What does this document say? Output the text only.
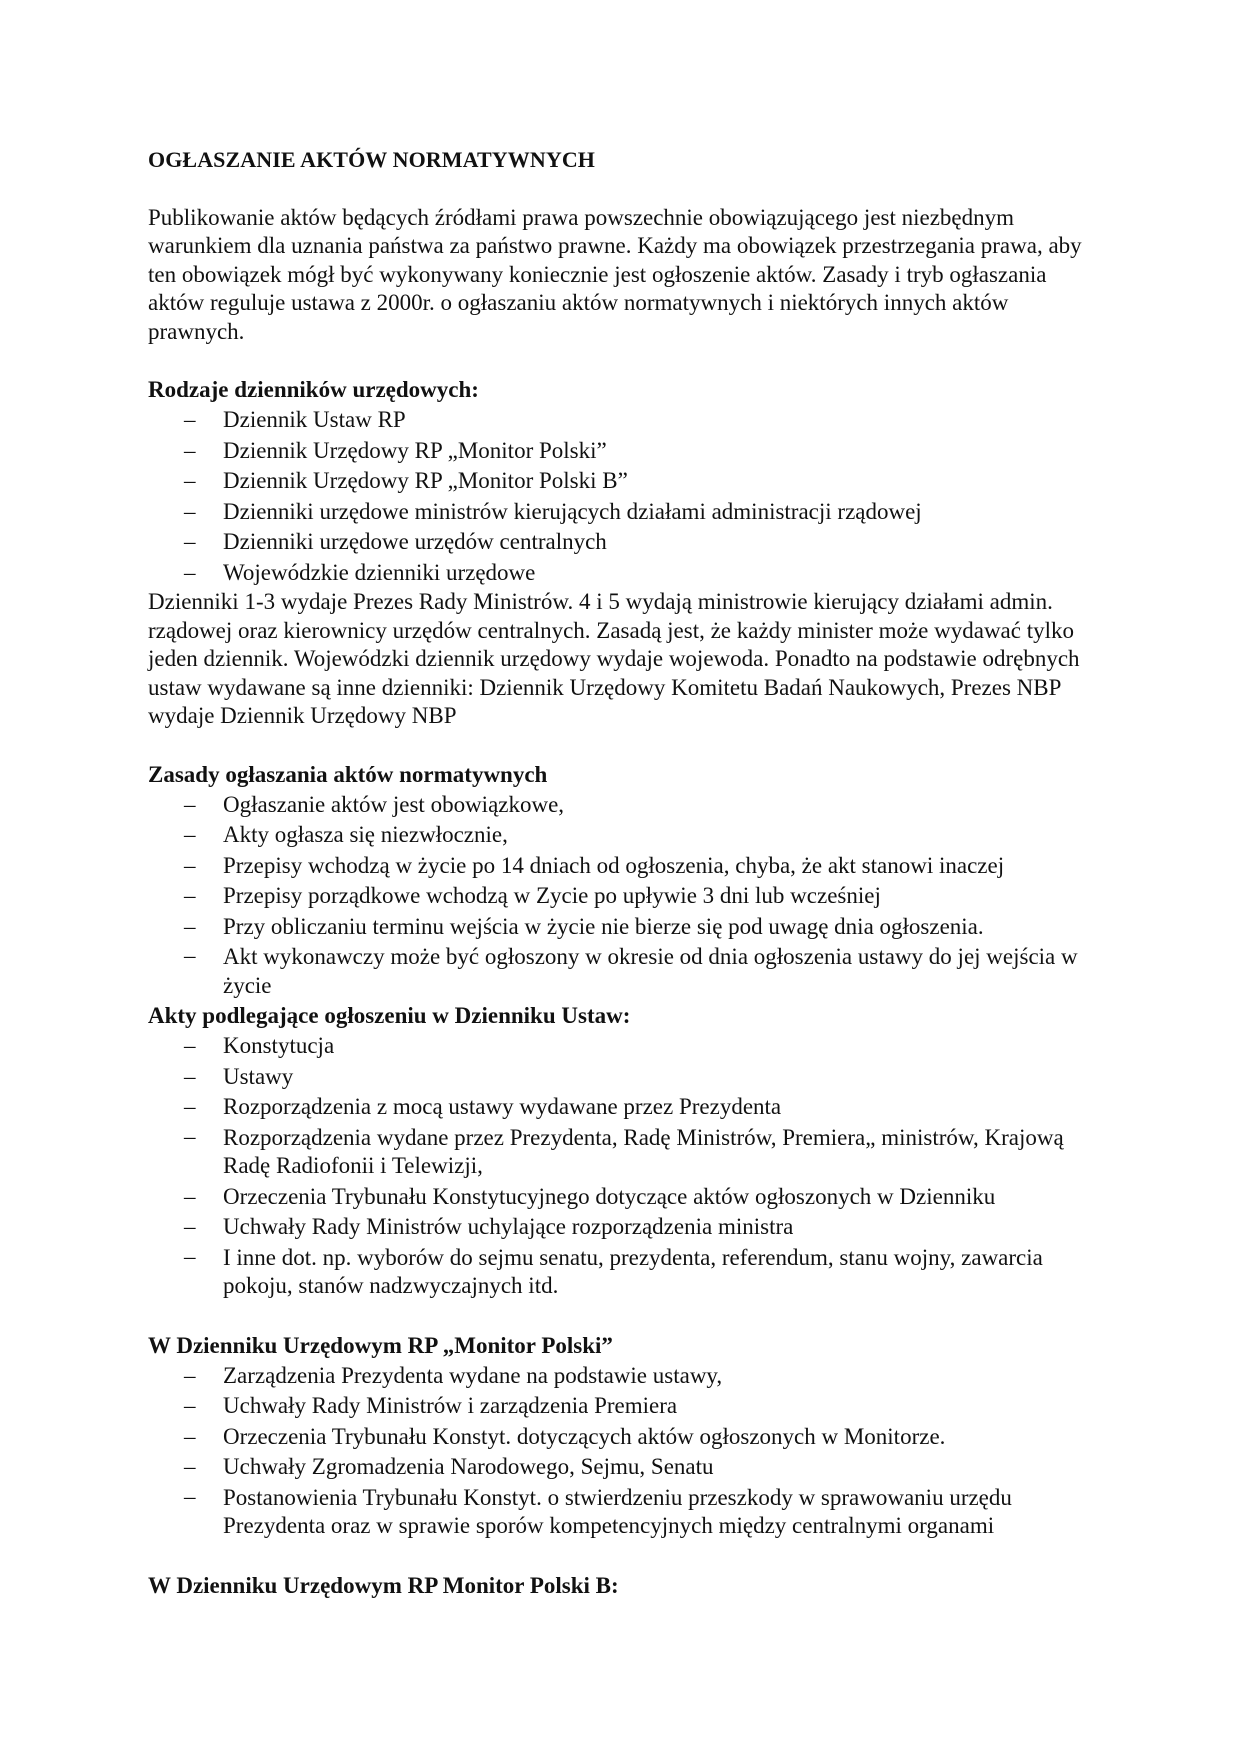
OGŁASZANIE AKTÓW NORMATYWNYCH

Publikowanie aktów będących źródłami prawa powszechnie obowiązującego jest niezbędnym warunkiem dla uznania państwa za państwo prawne. Każdy ma obowiązek przestrzegania prawa, aby ten obowiązek mógł być wykonywany koniecznie jest ogłoszenie aktów. Zasady i tryb ogłaszania aktów reguluje ustawa z 2000r. o ogłaszaniu aktów normatywnych i niektórych innych aktów prawnych.

Rodzaje dzienników urzędowych:
– Dziennik Ustaw RP
– Dziennik Urzędowy RP „Monitor Polski”
– Dziennik Urzędowy RP „Monitor Polski B”
– Dzienniki urzędowe ministrów kierujących działami administracji rządowej
– Dzienniki urzędowe urzędów centralnych
– Wojewódzkie dzienniki urzędowe

Dzienniki 1-3 wydaje Prezes Rady Ministrów. 4 i 5 wydają ministrowie kierujący działami admin. rządowej oraz kierownicy urzędów centralnych. Zasadą jest, że każdy minister może wydawać tylko jeden dziennik. Wojewódzki dziennik urzędowy wydaje wojewoda. Ponadto na podstawie odrębnych ustaw wydawane są inne dzienniki: Dziennik Urzędowy Komitetu Badań Naukowych, Prezes NBP wydaje Dziennik Urzędowy NBP

Zasady ogłaszania aktów normatywnych
– Ogłaszanie aktów jest obowiązkowe,
– Akty ogłasza się niezwłocznie,
– Przepisy wchodzą w życie po 14 dniach od ogłoszenia, chyba, że akt stanowi inaczej
– Przepisy porządkowe wchodzą w Zycie po upływie 3 dni lub wcześniej
– Przy obliczaniu terminu wejścia w życie nie bierze się pod uwagę dnia ogłoszenia.
– Akt wykonawczy może być ogłoszony w okresie od dnia ogłoszenia ustawy do jej wejścia w życie
Akty podlegające ogłoszeniu w Dzienniku Ustaw:
– Konstytucja
– Ustawy
– Rozporządzenia z mocą ustawy wydawane przez Prezydenta
– Rozporządzenia wydane przez Prezydenta, Radę Ministrów, Premiera„ ministrów, Krajową Radę Radiofonii i Telewizji,
– Orzeczenia Trybunału Konstytucyjnego dotyczące aktów ogłoszonych w Dzienniku
– Uchwały Rady Ministrów uchylające rozporządzenia ministra
– I inne dot. np. wyborów do sejmu senatu, prezydenta, referendum, stanu wojny, zawarcia pokoju, stanów nadzwyczajnych itd.
W Dzienniku Urzędowym RP „Monitor Polski”
– Zarządzenia Prezydenta wydane na podstawie ustawy,
– Uchwały Rady Ministrów i zarządzenia Premiera
– Orzeczenia Trybunału Konstyt. dotyczących aktów ogłoszonych w Monitorze.
– Uchwały Zgromadzenia Narodowego, Sejmu, Senatu
– Postanowienia Trybunału Konstyt. o stwierdzeniu przeszkody w sprawowaniu urzędu Prezydenta oraz w sprawie sporów kompetencyjnych między centralnymi organami
W Dzienniku Urzędowym RP Monitor Polski B:
